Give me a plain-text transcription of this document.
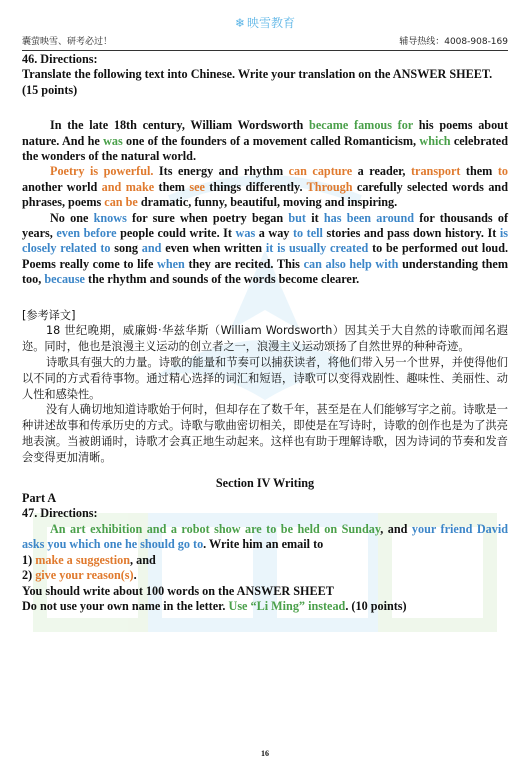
❄ 映雪教育
囊萤映雪、研考必过！	辅导热线：4008-908-169

46. Directions:

Translate the following text into Chinese. Write your translation on the ANSWER SHEET. (15 points)

In the late 18th century, William Wordsworth became famous for his poems about nature. And he was one of the founders of a movement called Romanticism, which celebrated the wonders of the natural world.

Poetry is powerful. Its energy and rhythm can capture a reader, transport them to another world and make them see things differently. Through carefully selected words and phrases, poems can be dramatic, funny, beautiful, moving and inspiring.

No one knows for sure when poetry began but it has been around for thousands of years, even before people could write. It was a way to tell stories and pass down history. It is closely related to song and even when written it is usually created to be performed out loud. Poems really come to life when they are recited. This can also help with understanding them too, because the rhythm and sounds of the words become clearer.

[参考译文]

18 世纪晚期，威廉姆·华兹华斯（William Wordsworth）因其关于大自然的诗歌而闻名遐迩。同时，他也是浪漫主义运动的创立者之一，浪漫主义运动颂扬了自然世界的种种奇迹。

诗歌具有强大的力量。诗歌的能量和节奏可以捕获读者，将他们带入另一个世界，并使得他们以不同的方式看待事物。通过精心选择的词汇和短语，诗歌可以变得戏剧性、趣味性、美丽性、动人性和感染性。

没有人确切地知道诗歌始于何时，但却存在了数千年，甚至是在人们能够写字之前。诗歌是一种讲述故事和传承历史的方式。诗歌与歌曲密切相关，即使是在写诗时，诗歌的创作也是为了洪亮地表演。当被朗诵时，诗歌才会真正地生动起来。这样也有助于理解诗歌，因为诗词的节奏和发音会变得更加清晰。

Section IV Writing

Part A

47. Directions:

An art exhibition and a robot show are to be held on Sunday, and your friend David asks you which one he should go to. Write him an email to

1) make a suggestion, and

2) give your reason(s).

You should write about 100 words on the ANSWER SHEET

Do not use your own name in the letter. Use “Li Ming” instead. (10 points)

16
